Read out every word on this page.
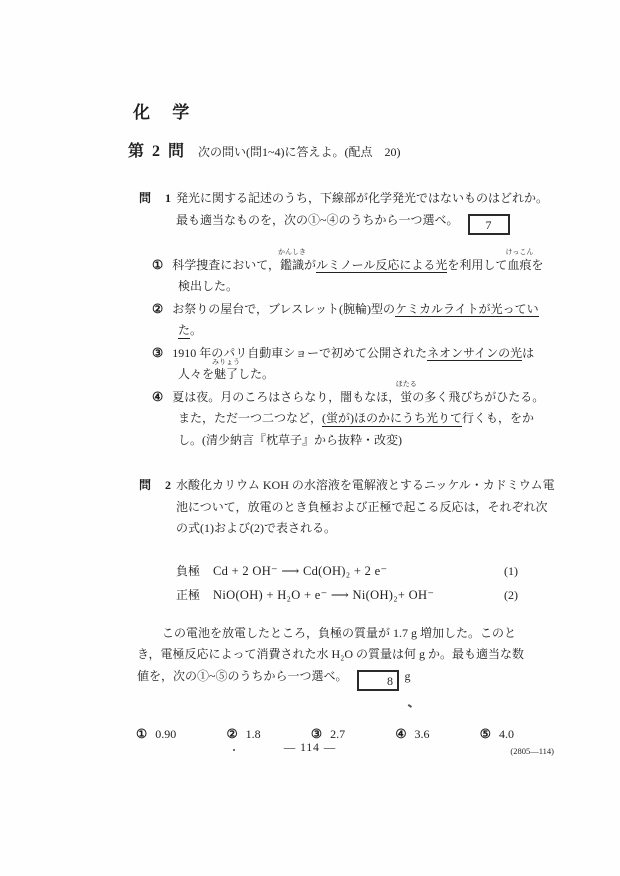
化 学
第 2 問 次の問い(問1~4)に答えよ。(配点　20)
問　1 発光に関する記述のうち，下線部が化学発光ではないものはどれか。最も適当なものを，次の①~④のうちから一つ選べ。 7
① 科学捜査において，鑑識
かんしき
がルミノール反応による光を利用して血痕
けっこん
を検出した。
② お祭りの屋台で，ブレスレット(腕輪)型のケミカルライトが光っていた。
③ 1910 年のパリ自動車ショーで初めて公開されたネオンサインの光は人々を魅了
みりょう
した。
④ 夏は夜。月のころはさらなり，闇もなほ，蛍
ほたる
の多く飛びちがひたる。また，ただ一つ二つなど，(蛍が)ほのかにうち光りて行くも，をかし。(清少納言『枕草子』から抜粋・改変)
問　2 水酸化カリウム KOH の水溶液を電解液とするニッケル・カドミウム電池について，放電のとき負極および正極で起こる反応は，それぞれ次の式(1)および(2)で表される。
負極 Cd + 2 OH⁻ ⟶ Cd(OH)₂ + 2 e⁻	(1)
正極 NiO(OH) + H₂O + e⁻ ⟶ Ni(OH)₂+ OH⁻	(2)
この電池を放電したところ，負極の質量が 1.7 g 増加した。このとき，電極反応によって消費された水 H₂O の質量は何 g か。最も適当な数値を，次の①~⑤のうちから一つ選べ。	8 g
① 0.90	② 1.8	③ 2.7	④ 3.6	⑤ 4.0
— 114 —	(2805—114)
